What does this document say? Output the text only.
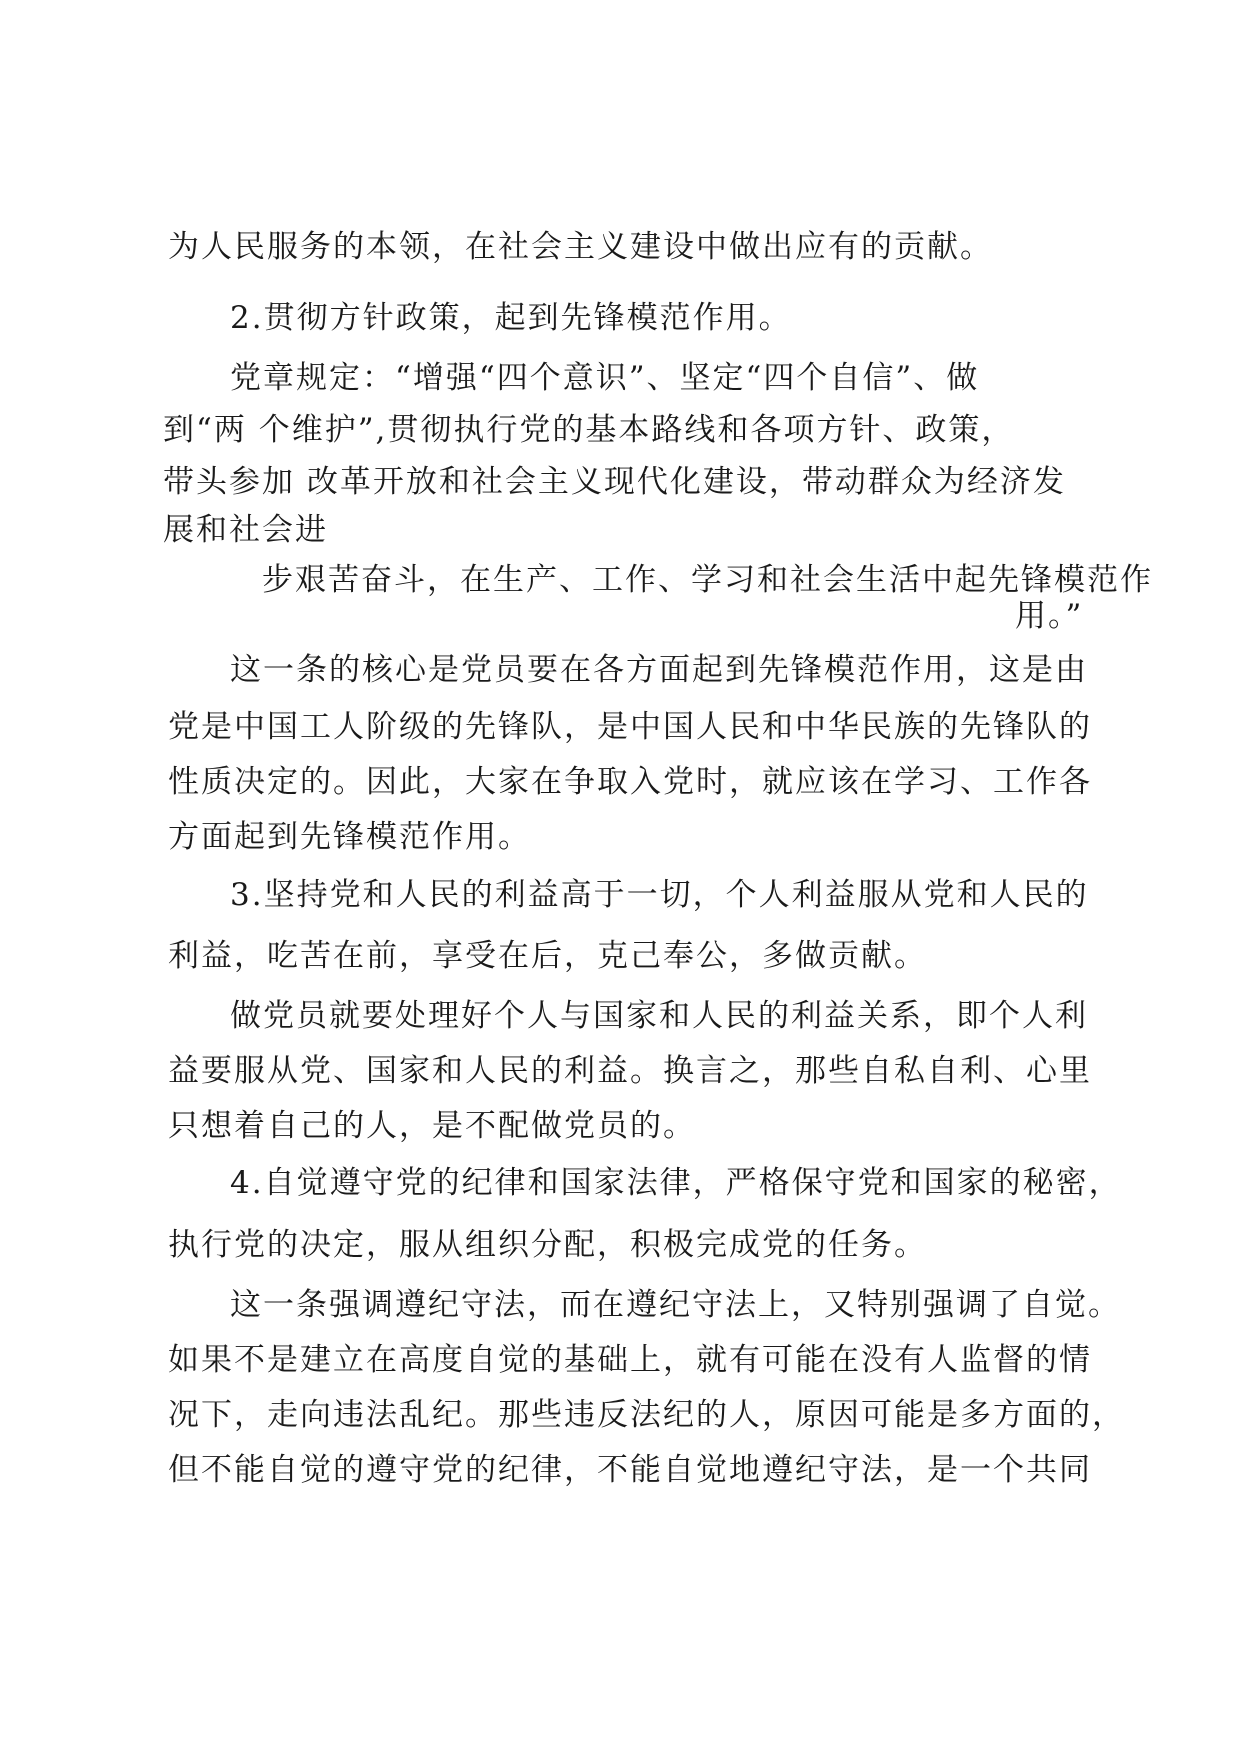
为人民服务的本领，在社会主义建设中做出应有的贡献。
2.贯彻方针政策，起到先锋模范作用。
党章规定：“增强“四个意识”、坚定“四个自信”、做
到“两 个维护”,贯彻执行党的基本路线和各项方针、政策，
带头参加 改革开放和社会主义现代化建设，带动群众为经济发
展和社会进
步艰苦奋斗，在生产、工作、学习和社会生活中起先锋模范作
用。”
这一条的核心是党员要在各方面起到先锋模范作用，这是由
党是中国工人阶级的先锋队，是中国人民和中华民族的先锋队的
性质决定的。因此，大家在争取入党时，就应该在学习、工作各
方面起到先锋模范作用。
3.坚持党和人民的利益高于一切，个人利益服从党和人民的
利益，吃苦在前，享受在后，克己奉公，多做贡献。
做党员就要处理好个人与国家和人民的利益关系，即个人利
益要服从党、国家和人民的利益。换言之，那些自私自利、心里
只想着自己的人，是不配做党员的。
4.自觉遵守党的纪律和国家法律，严格保守党和国家的秘密，
执行党的决定，服从组织分配，积极完成党的任务。
这一条强调遵纪守法，而在遵纪守法上，又特别强调了自觉。
如果不是建立在高度自觉的基础上，就有可能在没有人监督的情
况下，走向违法乱纪。那些违反法纪的人，原因可能是多方面的，
但不能自觉的遵守党的纪律，不能自觉地遵纪守法，是一个共同
